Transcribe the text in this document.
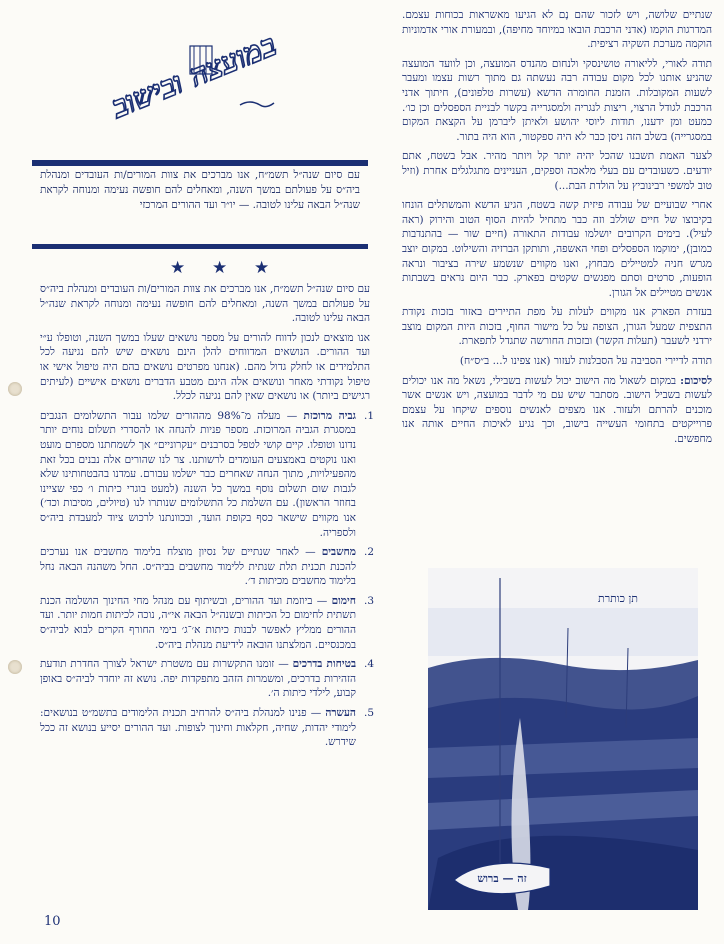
במועצה ובישוב
עם סיום שנה״ל תשמ״ח, אנו מברכים את צוות המורים/ות העובדים ומנהלת ביה״ס על פעולתם במשך השנה, ומאחלים להם חופשה נעימה ומנוחה לקראת שנה״ל הבאה עלינו לטובה. — יו״ר ועד ההורים המרכזי
★ ★ ★

שנתיים שלושה, ויש לזכור שהם נָם לא הגיעו מאשראות בכוחות עצמם. המדרגות הוקמו (אדני הרכבת הובאו במיוחד מחיפה), ובמעורת אורי אדמוניות הוקמה מערכת השקיה רציפית.

תודה לאורי, לליאורה טושינסקי ולנחום מהנדס המועצה, וכן לוועד המועצה שהניע אותנו לכל מקום עבודה רבה נעשתה גם מתוך רשות עצמו ומעבר לשעות המקובלות. הזמנת החומרה הדשא (עשרות טלפונים), חיתוך אדני הרכבת לגודל הרצוי, ריצות לנגריה ולמסגרייה בקשר לבניית הספסלים וכן כו׳. כמעט ומן ידענו, תודות ליוסי יהושע ולאיתן ליברמן על הקצאת המקום במסגרייה) בשלב הזה ניסן כבר לא היה ספקטור, הוא היה בתור.

לצער האמת תשבנו שהכל יהיה יותר קל ויותר מהיר. אבל בשטח, אתם יודעים. כשעובדים עם בעלי מלאכה וספקים, העניינים מתגלגלים אחרת (וזיל טוב למשפי רבינוביץ על הולדת הבת...)

אחרי שבועיים של עבודה פיזית קשה בשטח, הגיע הדשא והמשתלים הונחו בקיבוצו של חיים שוללב וזה כבר מתחיל להיות הסוף הטוב והירוק (ראה לעיל). בימים הקרובים יושלמו עבודות התאורה (חיים שור — בהתנדבות כמובן), ימוקמו הספסלים ופחי האשפה, ותותקן הברזיה והשילוט. במקום יוצב מגרש חניה למטיילים מבחוץ, ואנו מקווים שנשמע שירה בציבור ונראה הופעות, סרטים וסתם מפגשים שקטים בפארק. כבר היום נראים בשבתות אנשים מטיילים אל הגורן.

בעזרת הפארק אנו מקווים לעלות על מפת התיירים באזור בזכות נקודת התצפית שמעל הגורן, הצופה על כל מישור החוף, בזכות היות המקום מוצב ירדני לשעבר (תעלות הקשר) ובזכות החורשה שתגדל לתפארת.

תודה לדיירי הסביבה על הסבלנות לעזור (אנו צפינו ל... ב״ס״ח)

לסיכום: במקום לשאול מה הישוב יכול לעשות בשבילי, נשאל מה אנו יכולים לעשות בשביל הישוב. מסתבר שיש עם מי לדבר במועצה, ויש אנשים אשר מוכנים להרתם ולעזור. אנו מצפים לאנשים נוספים שיקחו על עצמם פרוייקטים בתחומי העשייה בישוב, וכך נגיע לאיכות החיים אותה אנו מחפשים.

עם סיום שנה״ל תשמ״ח, אנו מברכים את צוות המורים/ות העובדים ומנהלת ביה״ס על פעולתם במשך השנה, ומאחלים להם חופשה נעימה ומנוחה לקראת שנה״ל הבאה עלינו לטובה.

אנו מוצאים לנכון לדווח להורים על מספר נושאים שעלו במשך השנה, וטופלו ע״י ועד ההורים. הנושאים המדווחים להלן הינם נושאים שיש להם נגיעה לכל התלמידים או לחלק גדול מהם. (אנחנו מפרטים נושאים בהם היה טיפול אישי או טיפול נקודתי מאחר ונושאים אלה הינם מטבע הדברים נושאים אישיים (לעיתים רגישים ביותר) או נושאים שאין להם נגיעה לכלל.

1.
גביה מרוכזת — מעלה מ־98% מההורים שלמו עבור התשלומים הנגבים במסגרת הגביה המרוכזת. מספר פניות להנחה או להסדרי תשלום נוחים יותר נדונו וטופלו. קיים קושי לטפל בסרבנים ״עקרוניים״ אך לשמחתנו מספרם מועט ואנו נוקטים באמצעים העומדים לרשותנו. צר לנו שהורים אלה נבנים בכל זאת מהפעילויות, מתוך הנחה שאחרים כבר ישלמו עבורם. עמדנו בהבטחותינו שלא לגבות שום תשלום נוסף במשך כל השנה (למעט בוגרי כיתות ו׳ כפי שציינו בחוזר הראשון). עם השלמת כל התשלומים שנותרו לנו (טיולים, מסיבות וכד׳) אנו מקווים שישאר כסף בקופת הועד, ובכוונתנו לרכוש ציוד למעבדת ביה״ס ולספריה.
2.
מחשבים — לאחר שנתיים של נסיון מוצלח בלימוד מחשבים אנו נערכים להכנת תכנית תלת שנתית ללימוד מחשבים בביה״ס. החל משהנה הבאה נחל בלימוד מחשבים מכיתות ד׳.
3.
חימום — ביוזמת ועד ההורים, ובשיתוף עם מנהל מחי החינוך הושלמה הכנת תשתית לחימום כל הכיתות ובשנה״ל הבאה אי״ה, נוכה לכיתות חמות יותר. ועד ההורים ממליץ לאפשר לבנות כיתות א׳־ג׳ בימי החורף הקרים לבוא לביה״ס במכנסיים. המלצתנו הובאה לידיעת מנהלת ביה״ס.
4.
בטיחות בדרכים — זומנו התקשרות עם משטרת ישראל לצורך החדרת תודעת הזהירות בדרכים, ומשמרות הזהב מתפקדות יפה. נושא זה יוחדר לביה״ס באופן קבוע, לילדי כיתות ה׳.
5.
העשרה — פנינו למנהלת ביה״ס להרחיב תכנית הלימודים בתשמ״ט בנושאים: לימודי יהדות, שחיה, חקלאות וחינוך לצופות. ועד ההורים יסייע בנושא זה ככל שידרש.
תן כותרת
זה — ברוש
10
